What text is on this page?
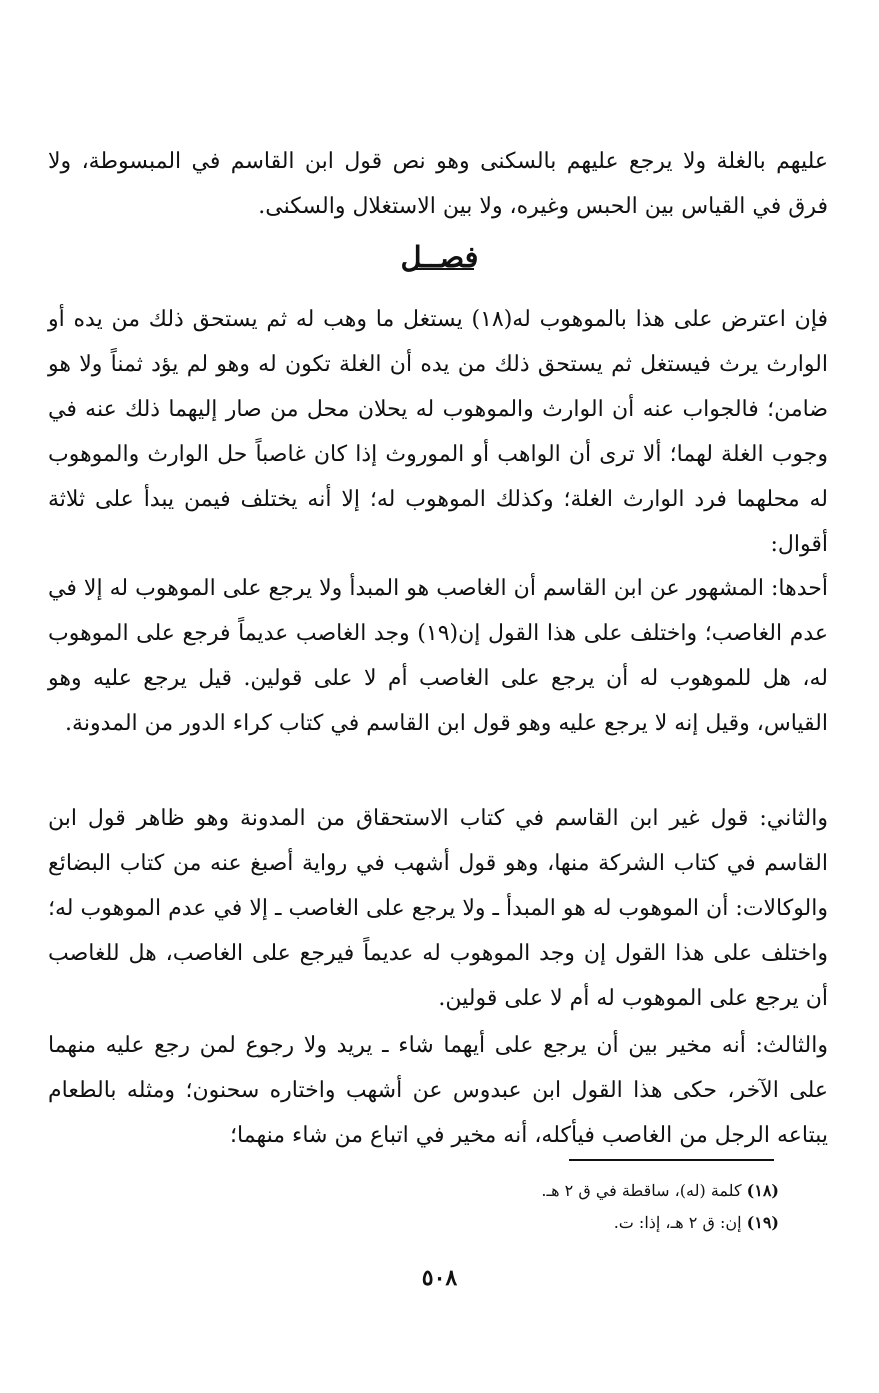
عليهم بالغلة ولا يرجع عليهم بالسكنى وهو نص قول ابن القاسم في المبسوطة، ولا فرق في القياس بين الحبس وغيره، ولا بين الاستغلال والسكنى.

فصــل

فإن اعترض على هذا بالموهوب له(١٨) يستغل ما وهب له ثم يستحق ذلك من يده أو الوارث يرث فيستغل ثم يستحق ذلك من يده أن الغلة تكون له وهو لم يؤد ثمناً ولا هو ضامن؛ فالجواب عنه أن الوارث والموهوب له يحلان محل من صار إليهما ذلك عنه في وجوب الغلة لهما؛ ألا ترى أن الواهب أو الموروث إذا كان غاصباً حل الوارث والموهوب له محلهما فرد الوارث الغلة؛ وكذلك الموهوب له؛ إلا أنه يختلف فيمن يبدأ على ثلاثة أقوال:

أحدها: المشهور عن ابن القاسم أن الغاصب هو المبدأ ولا يرجع على الموهوب له إلا في عدم الغاصب؛ واختلف على هذا القول إن(١٩) وجد الغاصب عديماً فرجع على الموهوب له، هل للموهوب له أن يرجع على الغاصب أم لا على قولين. قيل يرجع عليه وهو القياس، وقيل إنه لا يرجع عليه وهو قول ابن القاسم في كتاب كراء الدور من المدونة.

والثاني: قول غير ابن القاسم في كتاب الاستحقاق من المدونة وهو ظاهر قول ابن القاسم في كتاب الشركة منها، وهو قول أشهب في رواية أصبغ عنه من كتاب البضائع والوكالات: أن الموهوب له هو المبدأ ـ ولا يرجع على الغاصب ـ إلا في عدم الموهوب له؛ واختلف على هذا القول إن وجد الموهوب له عديماً فيرجع على الغاصب، هل للغاصب أن يرجع على الموهوب له أم لا على قولين.

والثالث: أنه مخير بين أن يرجع على أيهما شاء ـ يريد ولا رجوع لمن رجع عليه منهما على الآخر، حكى هذا القول ابن عبدوس عن أشهب واختاره سحنون؛ ومثله بالطعام يبتاعه الرجل من الغاصب فيأكله، أنه مخير في اتباع من شاء منهما؛

(١٨) كلمة (له)، ساقطة في ق ٢ هـ.

(١٩) إن: ق ٢ هـ، إذا: ت.

٥٠٨
